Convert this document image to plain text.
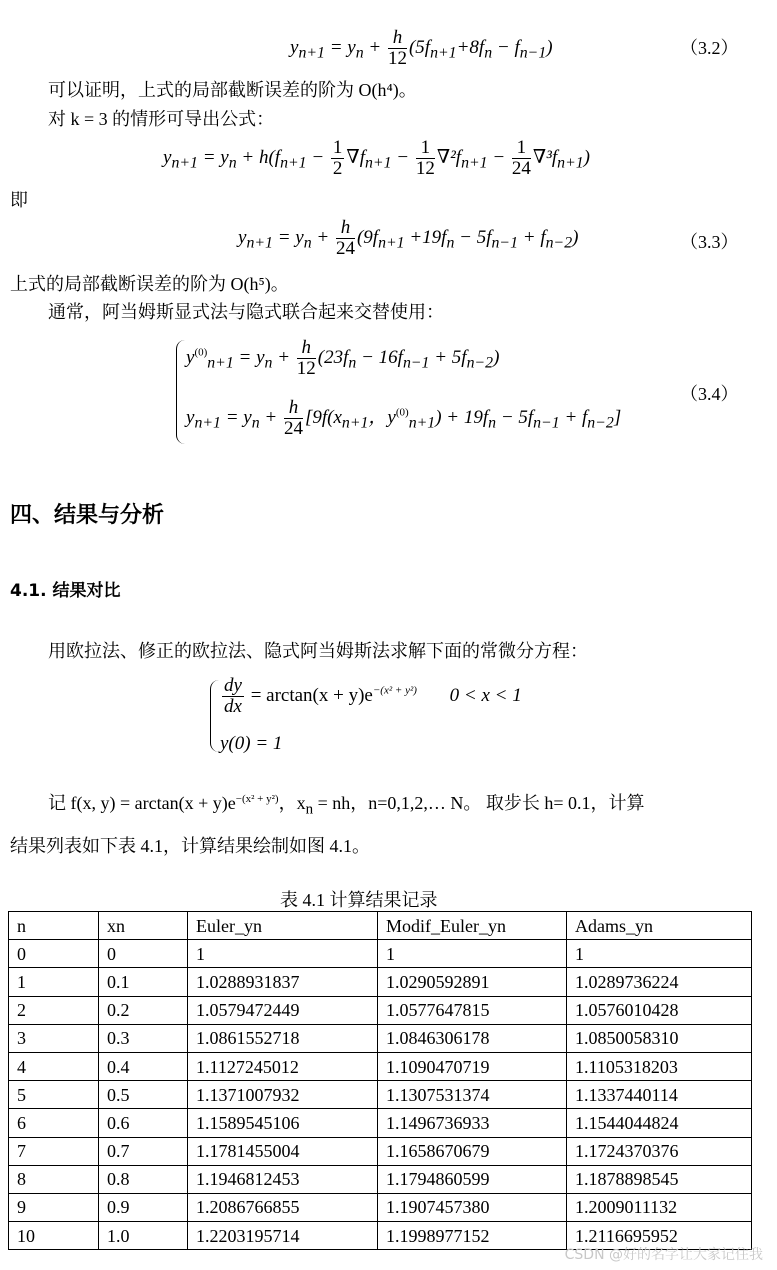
$y_{n+1} = y_n + \frac{h}{12} (5f_{n+1}+8f_n - f_{n-1})$	（3.2）
可以证明，上式的局部截断误差的阶为 O(h⁴)。
对 k = 3 的情形可导出公式：
$y_{n+1} = y_n + h(f_{n+1} - \frac{1}{2} \nabla f_{n+1} - \frac{1}{12} \nabla^2f_{n+1} - \frac{1}{24} \nabla^3f_{n+1})$
即
$y_{n+1} = y_n + \frac{h}{24} (9f_{n+1} +19f_n - 5f_{n-1} + f_{n-2})$	（3.3）
上式的局部截断误差的阶为 O(h⁵)。
通常，阿当姆斯显式法与隐式联合起来交替使用：
$y^{(0)}_{n+1} = y_n + \frac{h}{12} (23f_n - 16f_{n-1} + 5f_{n-2})$
$y_{n+1} = y_n + \frac{h}{24} [9f(x_{n+1}$，$y^{(0)}_{n+1}) + 19f_n - 5f_{n-1} + f_{n-2}$]
（3.4）
四、结果与分析
4.1. 结果对比
用欧拉法、修正的欧拉法、隐式阿当姆斯法求解下面的常微分方程：
$\frac{dy}{dx} = \arctan(x + y)e^{-(x^2 + y^2)}$ 0 < x < 1
y(0) = 1
记 f(x, $y) = \arctan(x + y)e^{-(x^2 + y^2)}$，$x_n$ = nh，n=0,1,2,… N。 取步长 h= 0.1，计算
结果列表如下表 4.1，计算结果绘制如图 4.1。
表 4.1 计算结果记录
n	xn	Euler_yn	Modif_Euler_yn	Adams_yn
0	0	1	1	1
1	0.1	1.0288931837	1.0290592891	1.0289736224
2	0.2	1.0579472449	1.0577647815	1.0576010428
3	0.3	1.0861552718	1.0846306178	1.0850058310
4	0.4	1.1127245012	1.1090470719	1.1105318203
5	0.5	1.1371007932	1.1307531374	1.1337440114
6	0.6	1.1589545106	1.1496736933	1.1544044824
7	0.7	1.1781455004	1.1658670679	1.1724370376
8	0.8	1.1946812453	1.1794860599	1.1878898545
9	0.9	1.2086766855	1.1907457380	1.2009011132
10	1.0	1.2203195714	1.1998977152	1.2116695952
CSDN @好的名字让大家记住我
